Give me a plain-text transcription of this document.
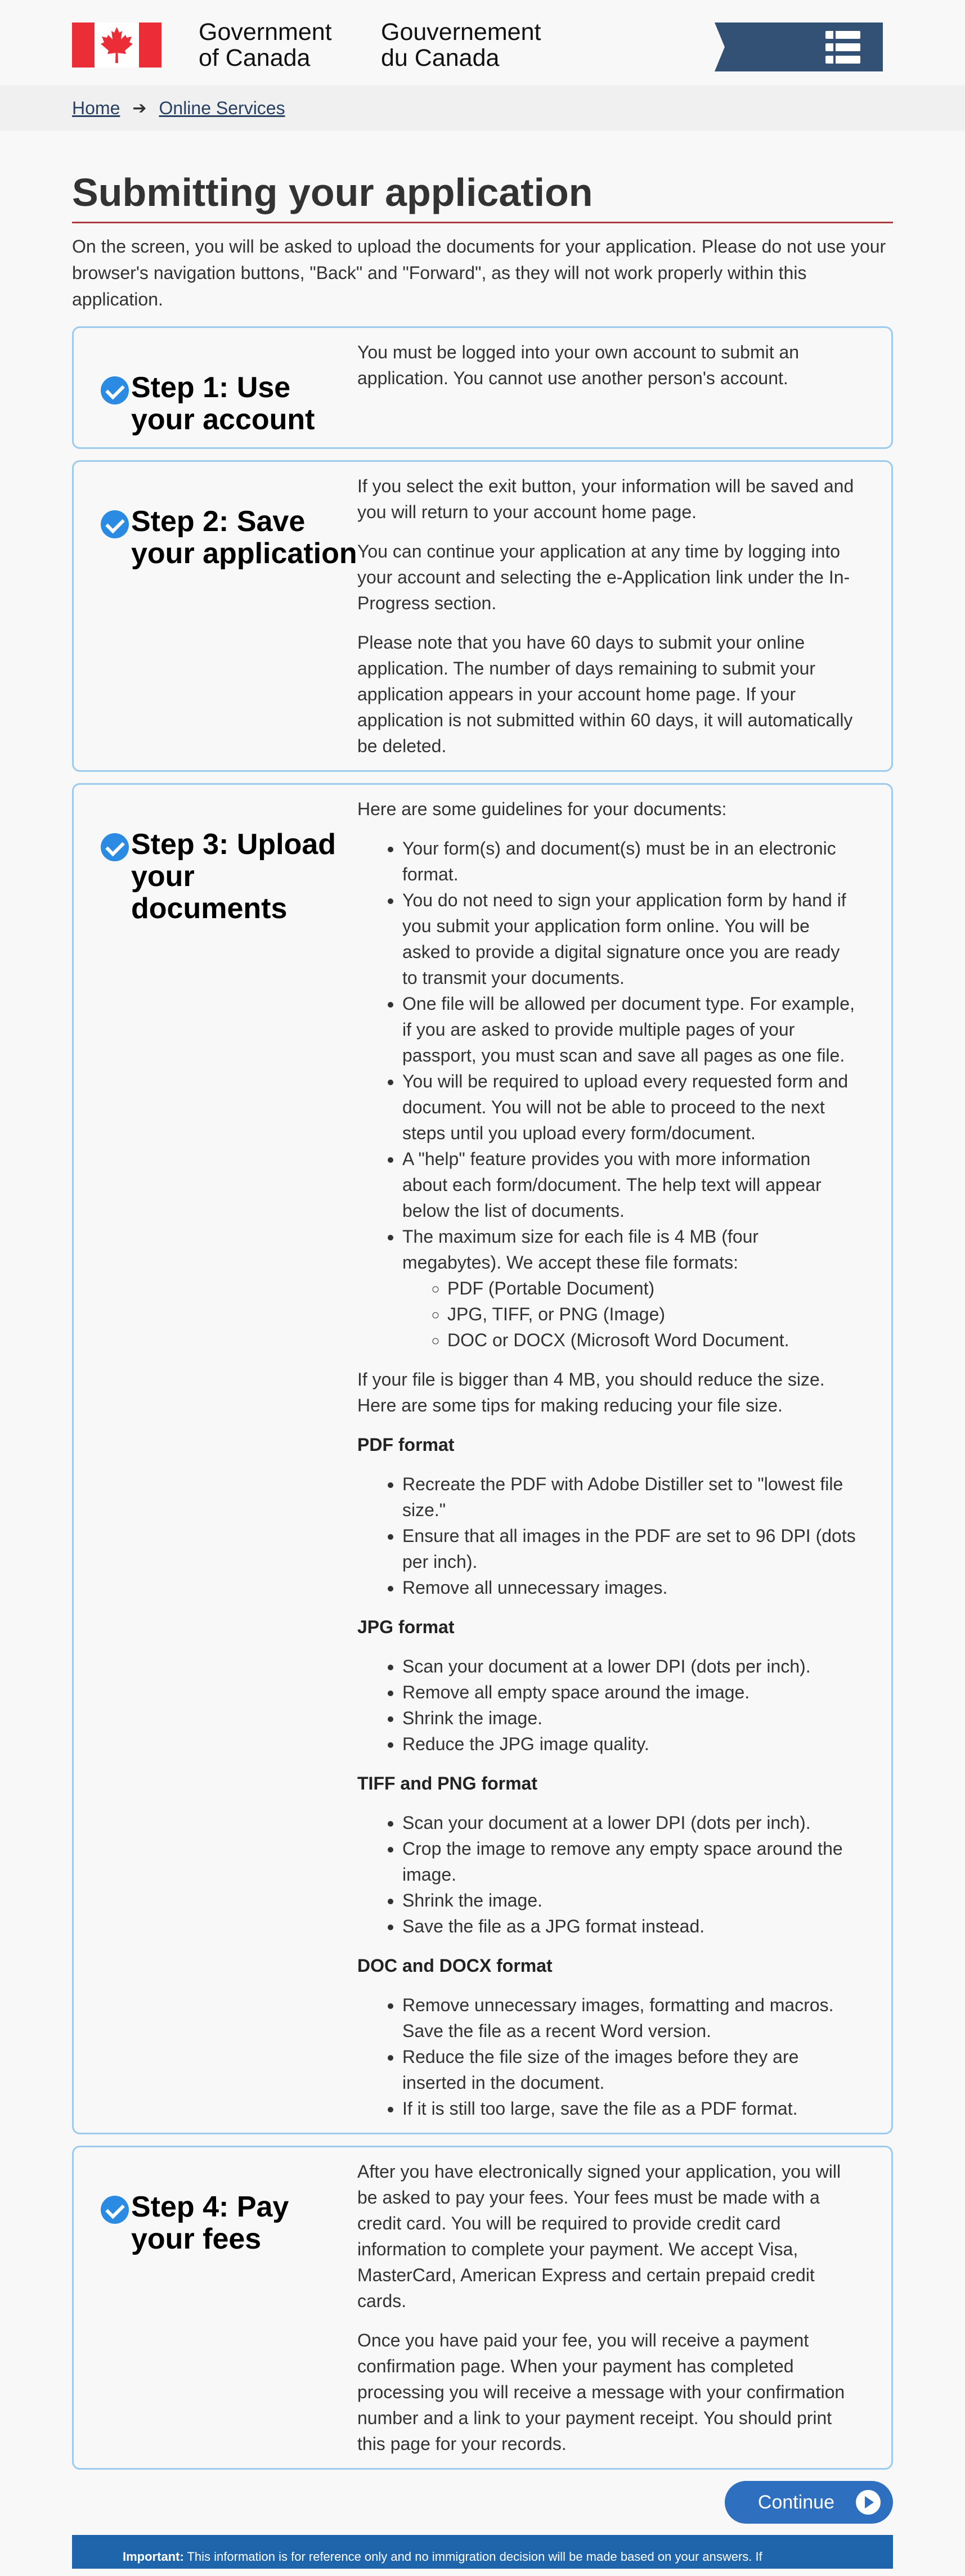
Government
of Canada
Gouvernement
du Canada
Home ➔ Online Services
Submitting your application

On the screen, you will be asked to upload the documents for your application. Please do not use your browser's navigation buttons, "Back" and "Forward", as they will not work properly within this application.

Step 1: Use your account

You must be logged into your own account to submit an application. You cannot use another person's account.

Step 2: Save your application

If you select the exit button, your information will be saved and you will return to your account home page.

You can continue your application at any time by logging into your account and selecting the e-Application link under the In-Progress section.

Please note that you have 60 days to submit your online application. The number of days remaining to submit your application appears in your account home page. If your application is not submitted within 60 days, it will automatically be deleted.

Step 3: Upload your documents

Here are some guidelines for your documents:

• Your form(s) and document(s) must be in an electronic format.
• You do not need to sign your application form by hand if you submit your application form online. You will be asked to provide a digital signature once you are ready to transmit your documents.
• One file will be allowed per document type. For example, if you are asked to provide multiple pages of your passport, you must scan and save all pages as one file.
• You will be required to upload every requested form and document. You will not be able to proceed to the next steps until you upload every form/document.
• A "help" feature provides you with more information about each form/document. The help text will appear below the list of documents.
• The maximum size for each file is 4 MB (four megabytes). We accept these file formats:
◦ PDF (Portable Document)
◦ JPG, TIFF, or PNG (Image)
◦ DOC or DOCX (Microsoft Word Document.

If your file is bigger than 4 MB, you should reduce the size. Here are some tips for making reducing your file size.

PDF format
• Recreate the PDF with Adobe Distiller set to "lowest file size."
• Ensure that all images in the PDF are set to 96 DPI (dots per inch).
• Remove all unnecessary images.
JPG format
• Scan your document at a lower DPI (dots per inch).
• Remove all empty space around the image.
• Shrink the image.
• Reduce the JPG image quality.
TIFF and PNG format
• Scan your document at a lower DPI (dots per inch).
• Crop the image to remove any empty space around the image.
• Shrink the image.
• Save the file as a JPG format instead.
DOC and DOCX format
• Remove unnecessary images, formatting and macros. Save the file as a recent Word version.
• Reduce the file size of the images before they are inserted in the document.
• If it is still too large, save the file as a PDF format.
Step 4: Pay your fees

After you have electronically signed your application, you will be asked to pay your fees. Your fees must be made with a credit card. You will be required to provide credit card information to complete your payment. We accept Visa, MasterCard, American Express and certain prepaid credit cards.

Once you have paid your fee, you will receive a payment confirmation page. When your payment has completed processing you will receive a message with your confirmation number and a link to your payment receipt. You should print this page for your records.

Continue
Important: This information is for reference only and no immigration decision will be made based on your answers. If
